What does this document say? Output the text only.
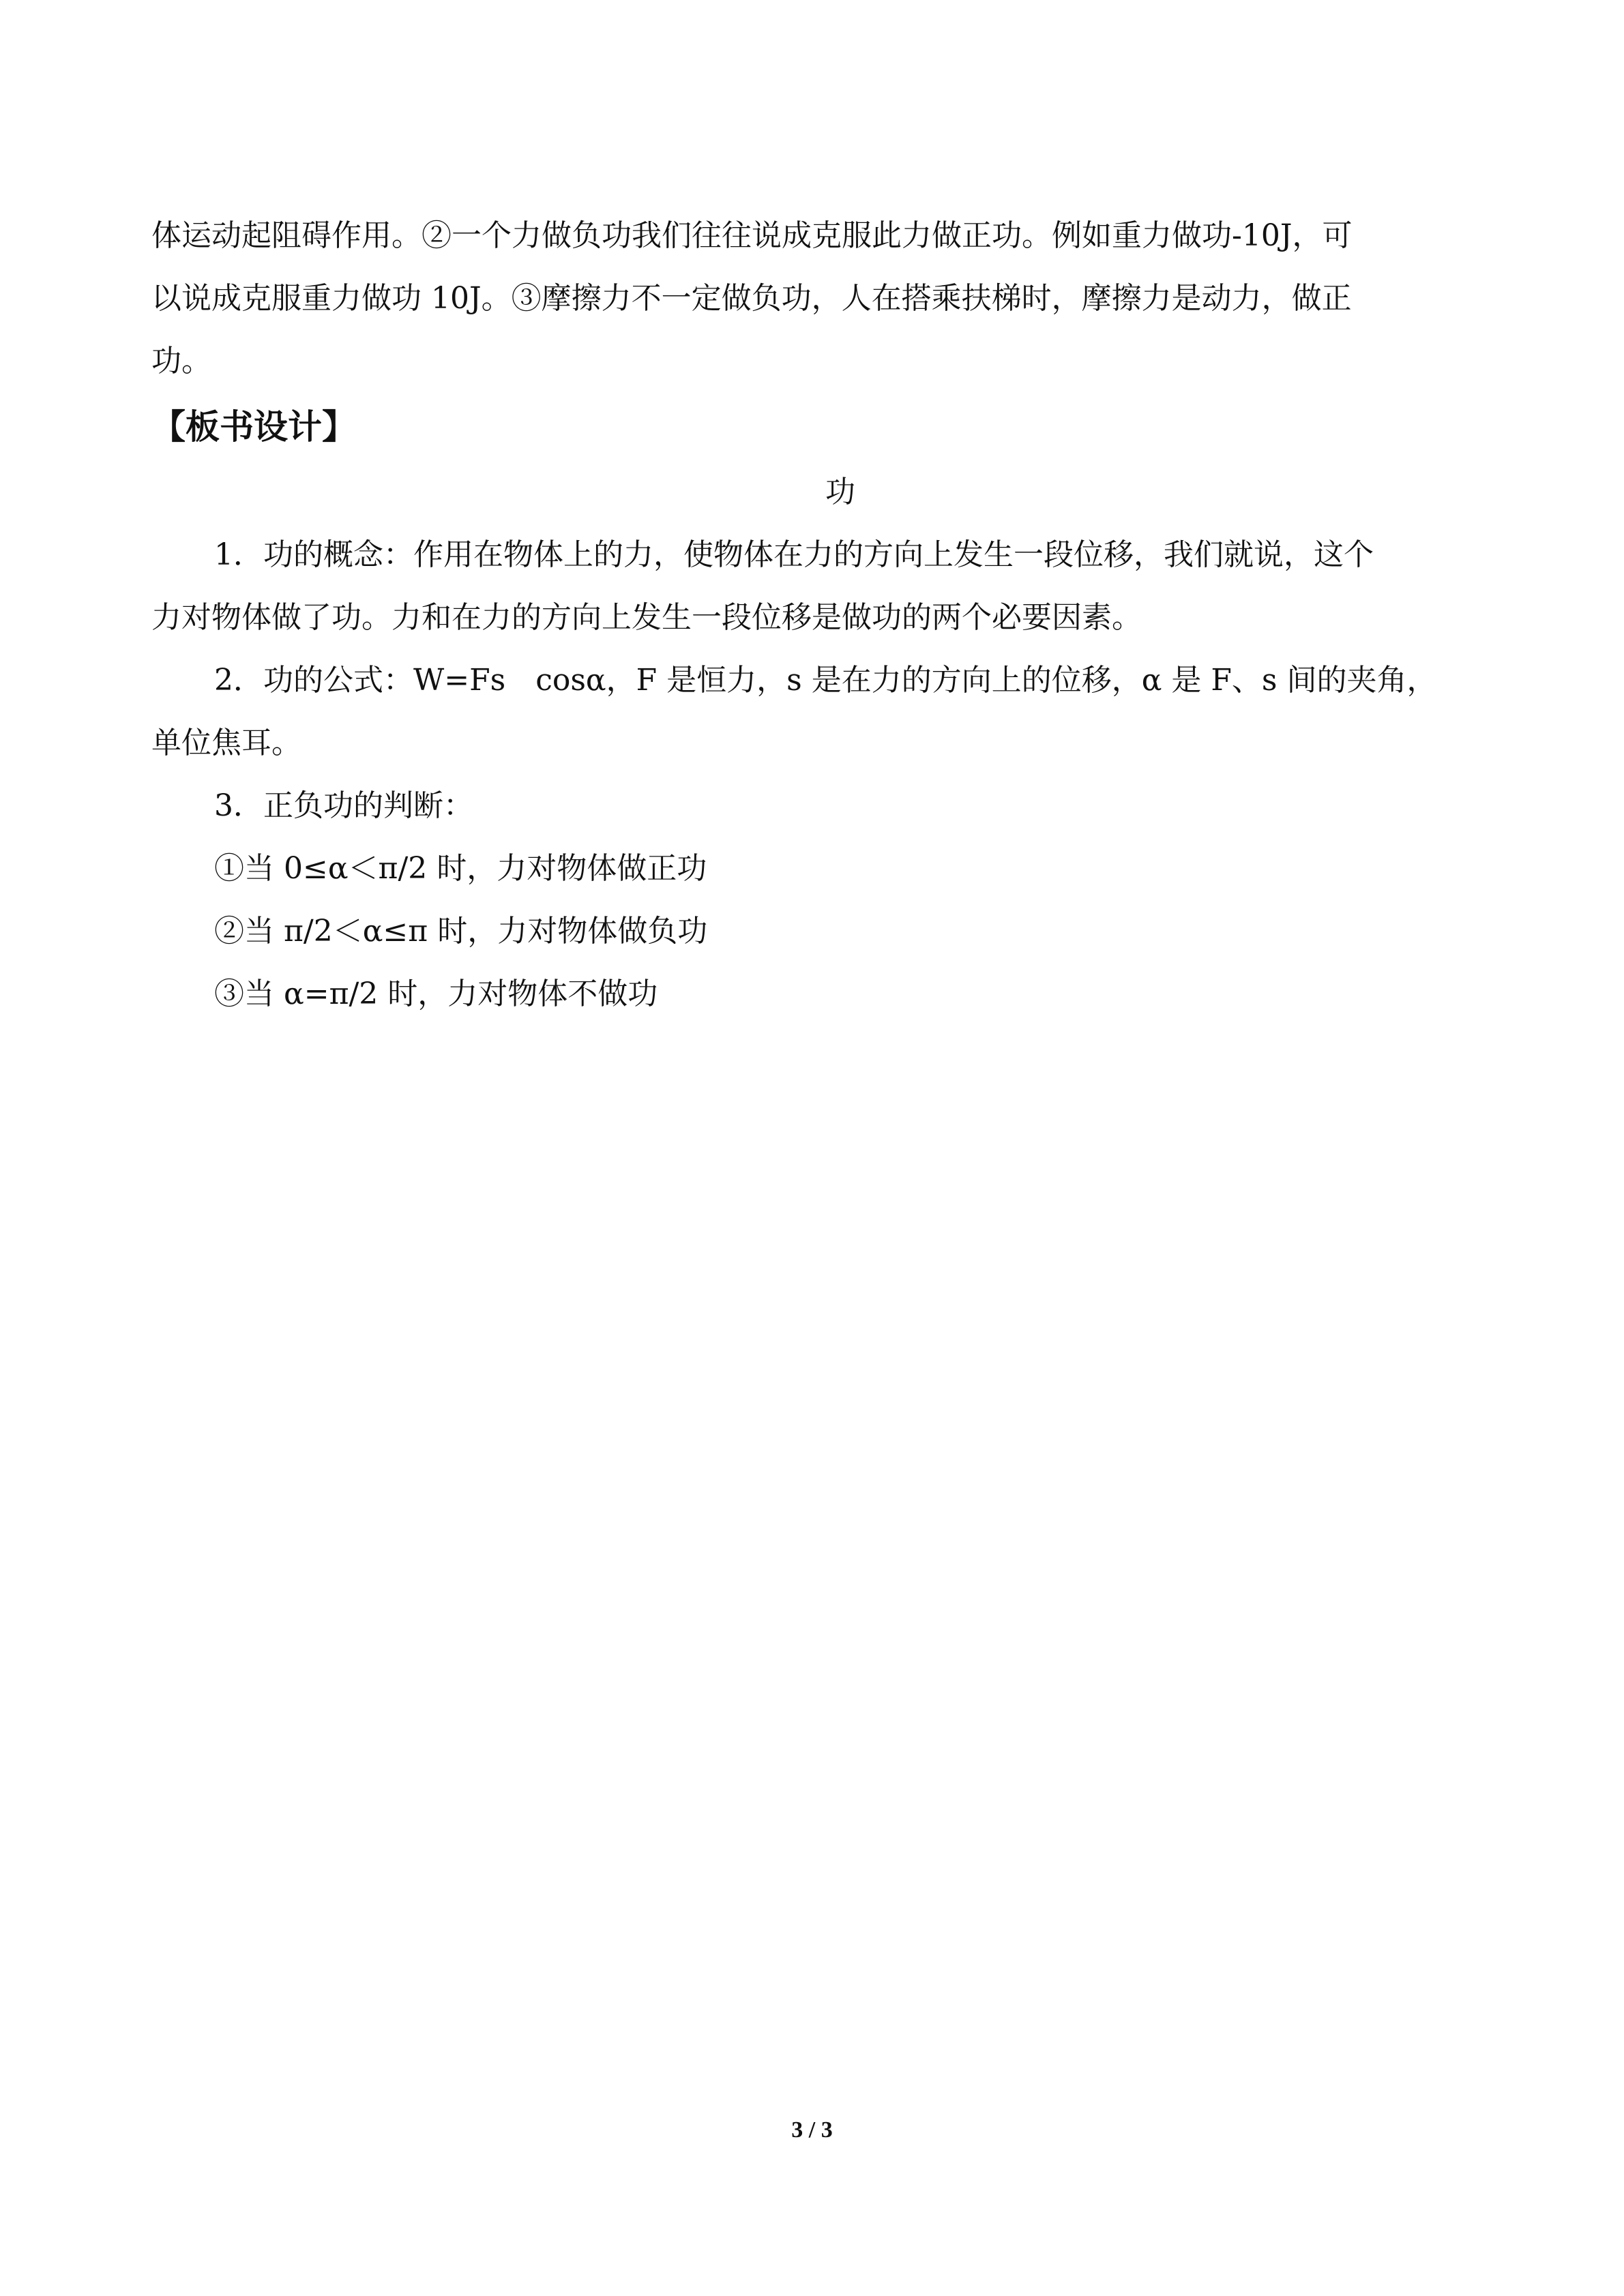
体运动起阻碍作用。②一个力做负功我们往往说成克服此力做正功。例如重力做功-10J，可

以说成克服重力做功 10J。③摩擦力不一定做负功，人在搭乘扶梯时，摩擦力是动力，做正

功。

【板书设计】

功

1．功的概念：作用在物体上的力，使物体在力的方向上发生一段位移，我们就说，这个

力对物体做了功。力和在力的方向上发生一段位移是做功的两个必要因素。

2．功的公式：W=Fs　cosα，F 是恒力，s 是在力的方向上的位移，α 是 F、s 间的夹角，

单位焦耳。

3．正负功的判断：

①当 0≤α＜π/2 时，力对物体做正功

②当 π/2＜α≤π 时，力对物体做负功

③当 α=π/2 时，力对物体不做功

3 / 3
